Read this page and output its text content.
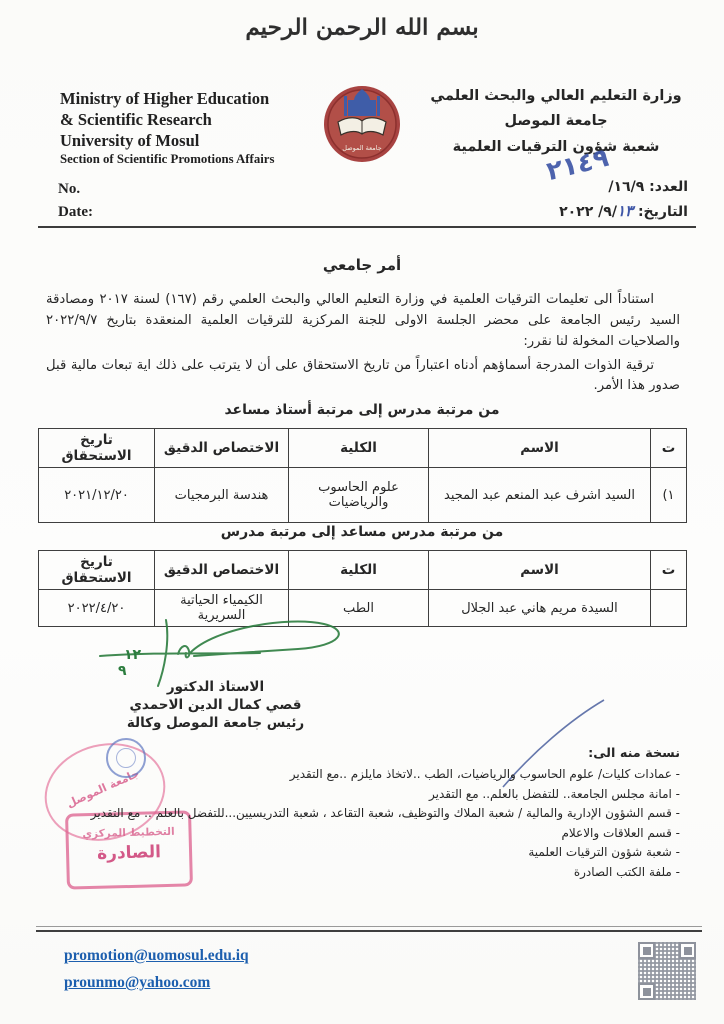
بسم الله الرحمن الرحيم
Ministry of Higher Education
& Scientific Research
University of Mosul
Section of Scientific Promotions Affairs
جامعة الموصل
وزارة التعليم العالي والبحث العلمي
جامعة الموصل
شعبة شؤون الترقيات العلمية
No.
Date:
العدد: ٩‏/‏١٦‏/
التاريخ: ١٣‏/‏٩‏/ ٢٠٢٢
٢١٤٩
أمر جامعي

استناداً الى تعليمات الترقيات العلمية في وزارة التعليم العالي والبحث العلمي رقم (١٦٧) لسنة ٢٠١٧ ومصادقة السيد رئيس الجامعة على محضر الجلسة الاولى للجنة المركزية للترقيات العلمية المنعقدة بتاريخ ٢٠٢٢/٩/٧ والصلاحيات المخولة لنا نقرر:

ترقية الذوات المدرجة أسماؤهم أدناه اعتباراً من تاريخ الاستحقاق على أن لا يترتب على ذلك اية تبعات مالية قبل صدور هذا الأمر.

من مرتبة مدرس إلى مرتبة أستاذ مساعد
ت	الاسم	الكلية	الاختصاص الدقيق	تاريخ الاستحقاق
١)	السيد اشرف عبد المنعم عبد المجيد	علوم الحاسوب والرياضيات	هندسة البرمجيات	٢٠٢١/١٢/٢٠
من مرتبة مدرس مساعد إلى مرتبة مدرس
ت	الاسم	الكلية	الاختصاص الدقيق	تاريخ الاستحقاق
	السيدة مريم هاني عبد الجلال	الطب	الكيمياء الحياتية السريرية	٢٠٢٢/٤/٢٠
١٢
٩
الاستاذ الدكتور
قصي كمال الدين الاحمدي
رئيس جامعة الموصل وكالة
جامعة الموصل
التخطيط المركزي
الصادرة
نسخة منه الى:
- عمادات كليات/ علوم الحاسوب والرياضيات، الطب ..لاتخاذ مايلزم ..مع التقدير
- امانة مجلس الجامعة.. للتفضل بالعلم.. مع التقدير
- قسم الشؤون الإدارية والمالية / شعبة الملاك والتوظيف، شعبة التقاعد ، شعبة التدريسيين...للتفضل بالعلم .. مع التقدير
- قسم العلاقات والاعلام
- شعبة شؤون الترقيات العلمية
- ملفة الكتب الصادرة
promotion@uomosul.edu.iq
prounmo@yahoo.com
